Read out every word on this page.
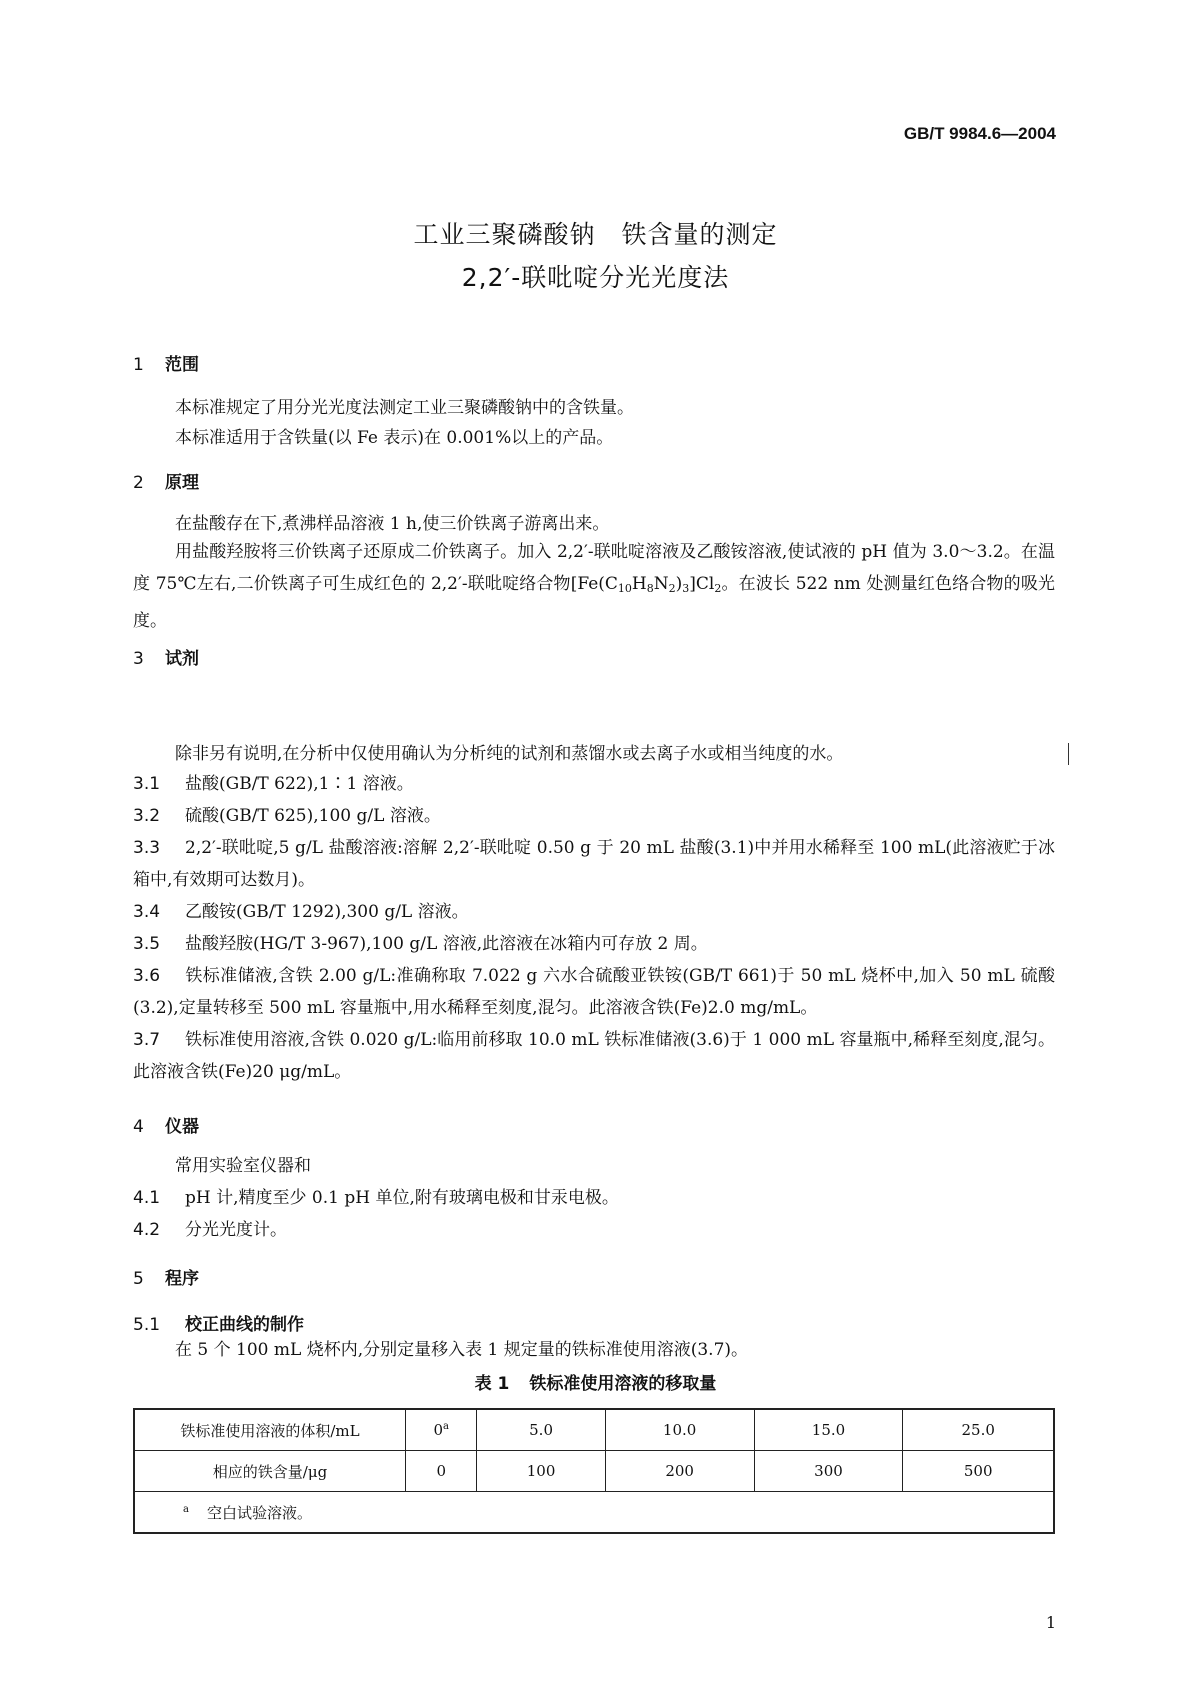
GB/T 9984.6—2004
工业三聚磷酸钠　铁含量的测定
2,2′-联吡啶分光光度法
1 范围
本标准规定了用分光光度法测定工业三聚磷酸钠中的含铁量。
本标准适用于含铁量(以 Fe 表示)在 0.001%以上的产品。
2 原理
在盐酸存在下,煮沸样品溶液 1 h,使三价铁离子游离出来。
用盐酸羟胺将三价铁离子还原成二价铁离子。加入 2,2′-联吡啶溶液及乙酸铵溶液,使试液的 pH 值为 3.0～3.2。在温度 75℃左右,二价铁离子可生成红色的 2,2′-联吡啶络合物$[Fe(C_{10}H_8N_2)_3]Cl_2$。在波长 522 nm 处测量红色络合物的吸光度。
3 试剂
除非另有说明,在分析中仅使用确认为分析纯的试剂和蒸馏水或去离子水或相当纯度的水。
3.1 盐酸(GB/T 622),1∶1 溶液。
3.2 硫酸(GB/T 625),100 g/L 溶液。
3.3 2,2′-联吡啶,5 g/L 盐酸溶液:溶解 2,2′-联吡啶 0.50 g 于 20 mL 盐酸(3.1)中并用水稀释至 100 mL(此溶液贮于冰箱中,有效期可达数月)。
3.4 乙酸铵(GB/T 1292),300 g/L 溶液。
3.5 盐酸羟胺(HG/T 3-967),100 g/L 溶液,此溶液在冰箱内可存放 2 周。
3.6 铁标准储液,含铁 2.00 g/L:准确称取 7.022 g 六水合硫酸亚铁铵(GB/T 661)于 50 mL 烧杯中,加入 50 mL 硫酸(3.2),定量转移至 500 mL 容量瓶中,用水稀释至刻度,混匀。此溶液含铁(Fe)2.0 mg/mL。
3.7 铁标准使用溶液,含铁 0.020 g/L:临用前移取 10.0 mL 铁标准储液(3.6)于 1 000 mL 容量瓶中,稀释至刻度,混匀。此溶液含铁(Fe)20 μg/mL。
4 仪器
常用实验室仪器和
4.1 pH 计,精度至少 0.1 pH 单位,附有玻璃电极和甘汞电极。
4.2 分光光度计。
5 程序
5.1 校正曲线的制作
在 5 个 100 mL 烧杯内,分别定量移入表 1 规定量的铁标准使用溶液(3.7)。
表 1 铁标准使用溶液的移取量
铁标准使用溶液的体积/mL	0$^a$	5.0	10.0	15.0	25.0
相应的铁含量/μg	0	100	200	300	500
$^a$ 空白试验溶液。					
1
